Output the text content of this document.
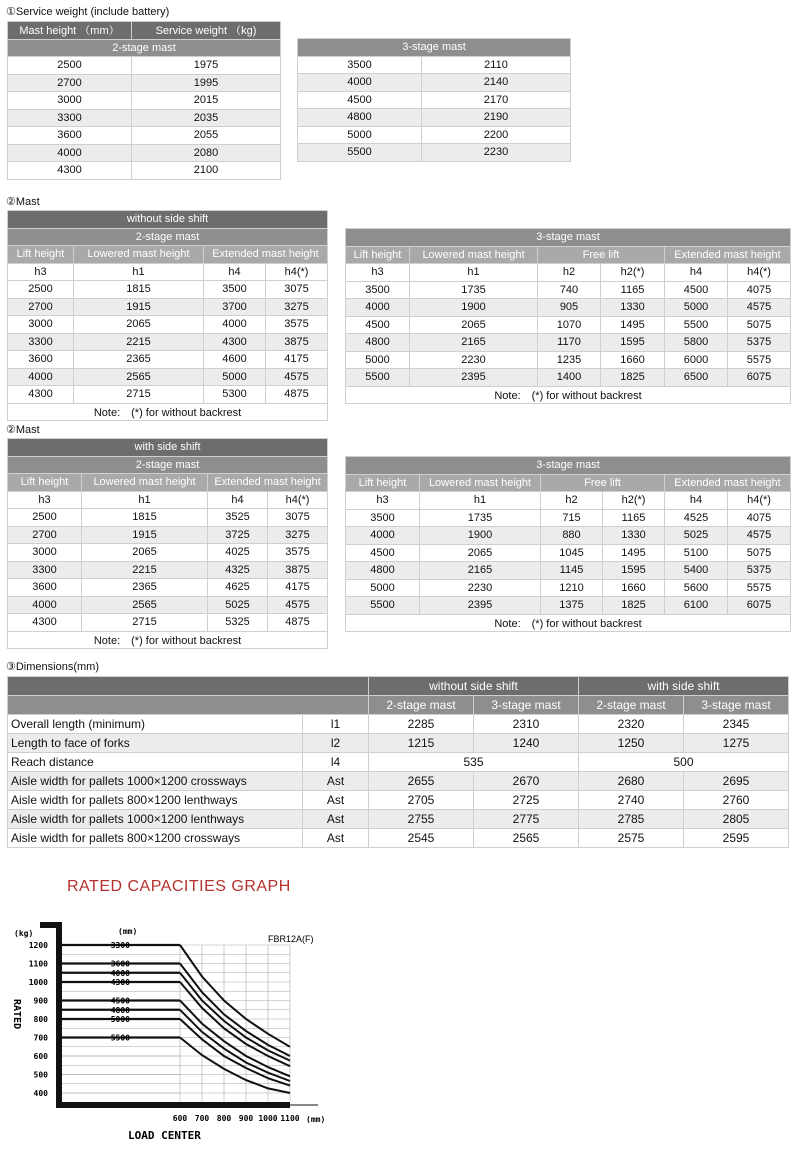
①Service weight (include battery)
Mast height （mm）	Service weight （kg)
2-stage mast	
2500	1975
2700	1995
3000	2015
3300	2035
3600	2055
4000	2080
4300	2100
3-stage mast	
3500	2110
4000	2140
4500	2170
4800	2190
5000	2200
5500	2230
②Mast
without side shift			
2-stage mast			
Lift height	Lowered mast height	Extended mast height	
h3	h1	h4	h4(*)
2500	1815	3500	3075
2700	1915	3700	3275
3000	2065	4000	3575
3300	2215	4300	3875
3600	2365	4600	4175
4000	2565	5000	4575
4300	2715	5300	4875
Note:　(*) for without backrest			
3-stage mast					
Lift height	Lowered mast height	Free lift		Extended mast height	
h3	h1	h2	h2(*)	h4	h4(*)
3500	1735	740	1165	4500	4075
4000	1900	905	1330	5000	4575
4500	2065	1070	1495	5500	5075
4800	2165	1170	1595	5800	5375
5000	2230	1235	1660	6000	5575
5500	2395	1400	1825	6500	6075
Note:　(*) for without backrest					
②Mast
with side shift			
2-stage mast			
Lift height	Lowered mast height	Extended mast height	
h3	h1	h4	h4(*)
2500	1815	3525	3075
2700	1915	3725	3275
3000	2065	4025	3575
3300	2215	4325	3875
3600	2365	4625	4175
4000	2565	5025	4575
4300	2715	5325	4875
Note:　(*) for without backrest			
3-stage mast					
Lift height	Lowered mast height	Free lift		Extended mast height	
h3	h1	h2	h2(*)	h4	h4(*)
3500	1735	715	1165	4525	4075
4000	1900	880	1330	5025	4575
4500	2065	1045	1495	5100	5075
4800	2165	1145	1595	5400	5375
5000	2230	1210	1660	5600	5575
5500	2395	1375	1825	6100	6075
Note:　(*) for without backrest					
③Dimensions(mm)
		without side shift		with side shift	
		2-stage mast	3-stage mast	2-stage mast	3-stage mast
Overall length (minimum)	l1	2285	2310	2320	2345
Length to face of forks	l2	1215	1240	1250	1275
Reach distance	l4	535		500	
Aisle width for pallets 1000×1200 crossways	Ast	2655	2670	2680	2695
Aisle width for pallets 800×1200 lenthways	Ast	2705	2725	2740	2760
Aisle width for pallets 1000×1200 lenthways	Ast	2755	2775	2785	2805
Aisle width for pallets 800×1200 crossways	Ast	2545	2565	2575	2595
RATED CAPACITIES GRAPH
(kg)	(mm)
FBR12A(F)
RATED
LOAD CENTER
(mm)
1200
1100
1000
900
800
700
600
500
400
600 700 800 900 1000 1100
3300
3600
4000
4300
4500
4800
5000
5500
